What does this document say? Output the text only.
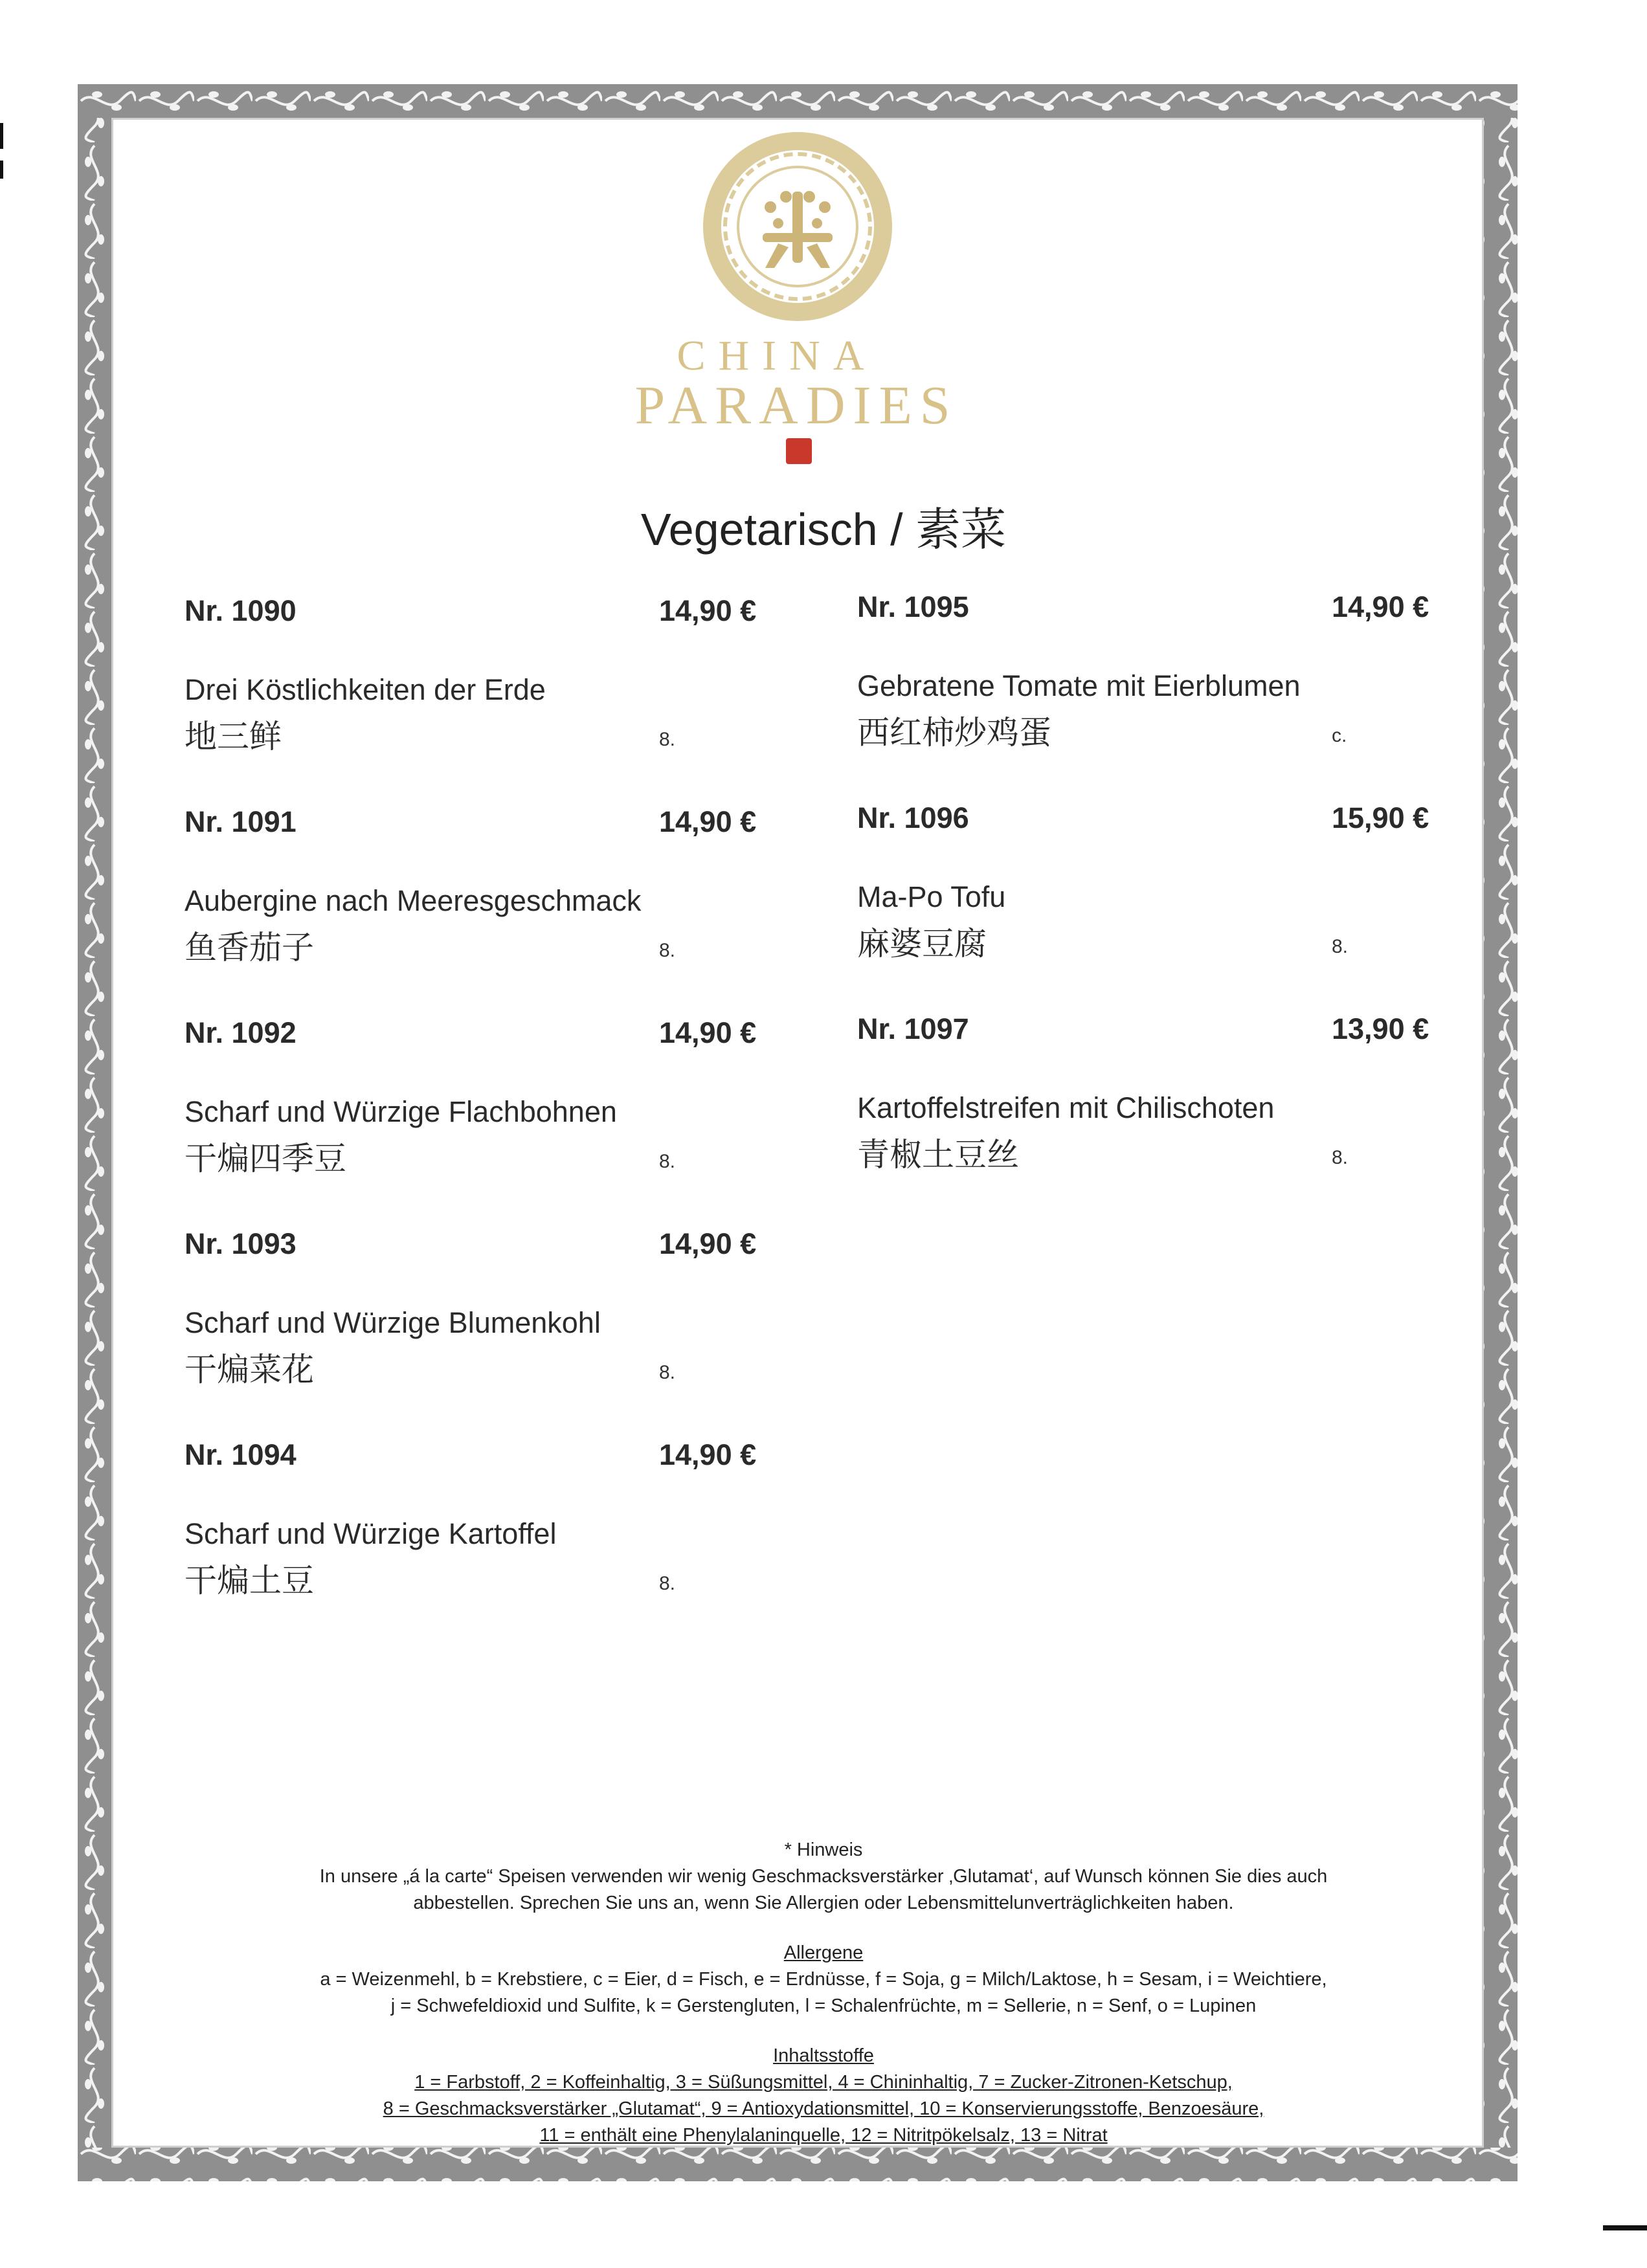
CHINA
PARADIES
Vegetarisch / 素菜
Nr. 1090	14,90 €
Drei Köstlichkeiten der Erde
地三鲜	8.
Nr. 1091	14,90 €
Aubergine nach Meeresgeschmack
鱼香茄子	8.
Nr. 1092	14,90 €
Scharf und Würzige Flachbohnen
干煸四季豆	8.
Nr. 1093	14,90 €
Scharf und Würzige Blumenkohl
干煸菜花	8.
Nr. 1094	14,90 €
Scharf und Würzige Kartoffel
干煸土豆	8.
Nr. 1095	14,90 €
Gebratene Tomate mit Eierblumen
西红柿炒鸡蛋	c.
Nr. 1096	15,90 €
Ma-Po Tofu
麻婆豆腐	8.
Nr. 1097	13,90 €
Kartoffelstreifen mit Chilischoten
青椒土豆丝	8.
* Hinweis
In unsere „á la carte“ Speisen verwenden wir wenig Geschmacksverstärker ‚Glutamat‘, auf Wunsch können Sie dies auch
abbestellen. Sprechen Sie uns an, wenn Sie Allergien oder Lebensmittelunverträglichkeiten haben.
Allergene
a = Weizenmehl, b = Krebstiere, c = Eier, d = Fisch, e = Erdnüsse, f = Soja, g = Milch/Laktose, h = Sesam, i = Weichtiere,
j = Schwefeldioxid und Sulfite, k = Gerstengluten, l = Schalenfrüchte, m = Sellerie, n = Senf, o = Lupinen
Inhaltsstoffe
1 = Farbstoff, 2 = Koffeinhaltig, 3 = Süßungsmittel, 4 = Chininhaltig, 7 = Zucker-Zitronen-Ketschup,
8 = Geschmacksverstärker „Glutamat“, 9 = Antioxydationsmittel, 10 = Konservierungsstoffe, Benzoesäure,
11 = enthält eine Phenylalaninquelle, 12 = Nitritpökelsalz, 13 = Nitrat
